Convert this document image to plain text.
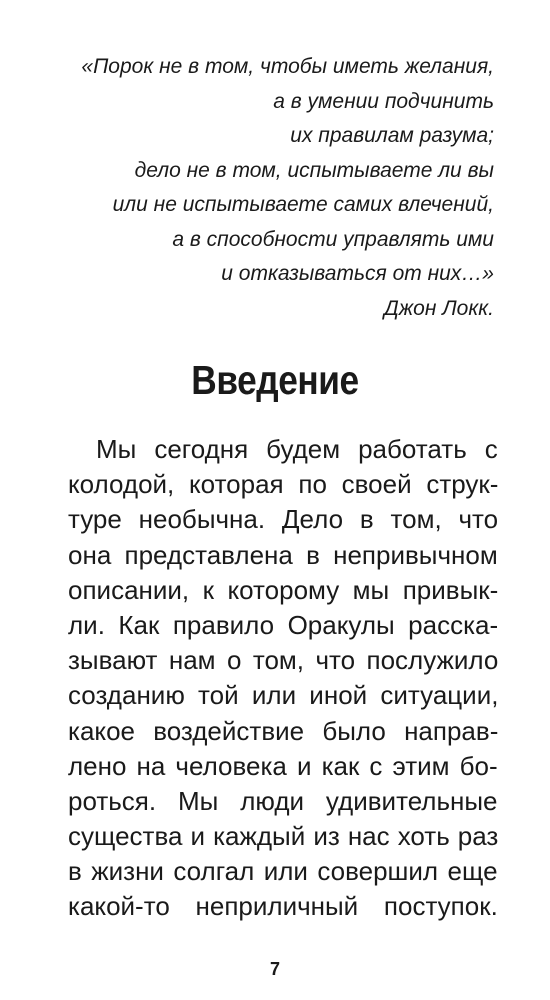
«Порок не в том, чтобы иметь желания,
а в умении подчинить
их правилам разума;
дело не в том, испытываете ли вы
или не испытываете самих влечений,
а в способности управлять ими
и отказываться от них…»
Джон Локк.
Введение
Мы сегодня будем работать с
колодой, которая по своей струк-
туре необычна. Дело в том, что
она представлена в непривычном
описании, к которому мы привык-
ли. Как правило Оракулы расска-
зывают нам о том, что послужило
созданию той или иной ситуации,
какое воздействие было направ-
лено на человека и как с этим бо-
роться. Мы люди удивительные
существа и каждый из нас хоть раз
в жизни солгал или совершил еще
какой-то неприличный поступок.
7
